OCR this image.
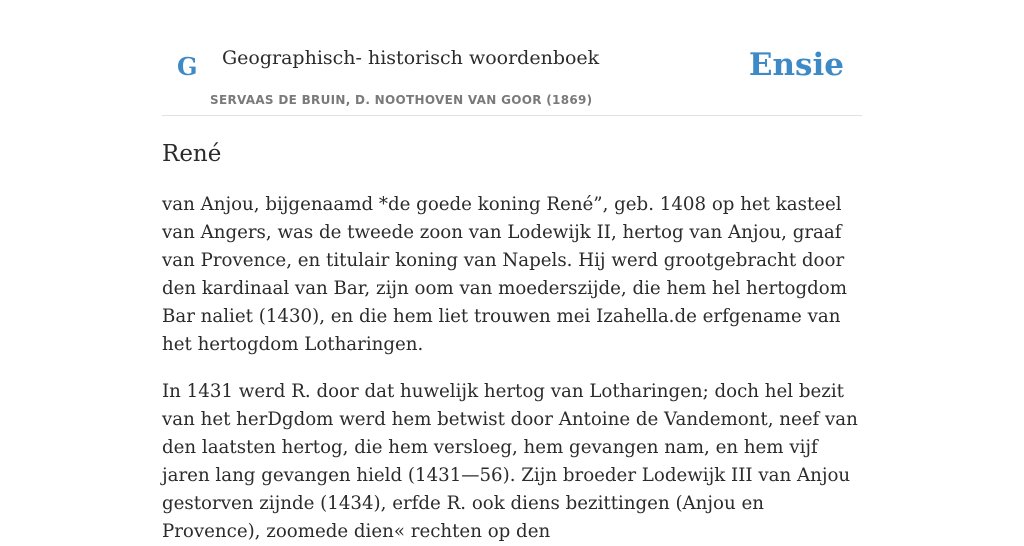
G Geographisch- historisch woordenboek
SERVAAS DE BRUIN, D. NOOTHOVEN VAN GOOR (1869)
Ensie
René

van Anjou, bijgenaamd *de goede koning René”, geb. 1408 op het kasteel van Angers, was de tweede zoon van Lodewijk II, hertog van Anjou, graaf van Provence, en titulair koning van Napels. Hij werd grootgebracht door den kardinaal van Bar, zijn oom van moederszijde, die hem hel hertogdom Bar naliet (1430), en die hem liet trouwen mei Izahella.de erfgename van het hertogdom Lotharingen.

In 1431 werd R. door dat huwelijk hertog van Lotharingen; doch hel bezit van het herDgdom werd hem betwist door Antoine de Vandemont, neef van den laatsten hertog, die hem versloeg, hem gevangen nam, en hem vijf jaren lang gevangen hield (1431—56). Zijn broeder Lodewijk III van Anjou gestorven zijnde (1434), erfde R. ook diens bezittingen (Anjou en Provence), zoomede dien« rechten op den
